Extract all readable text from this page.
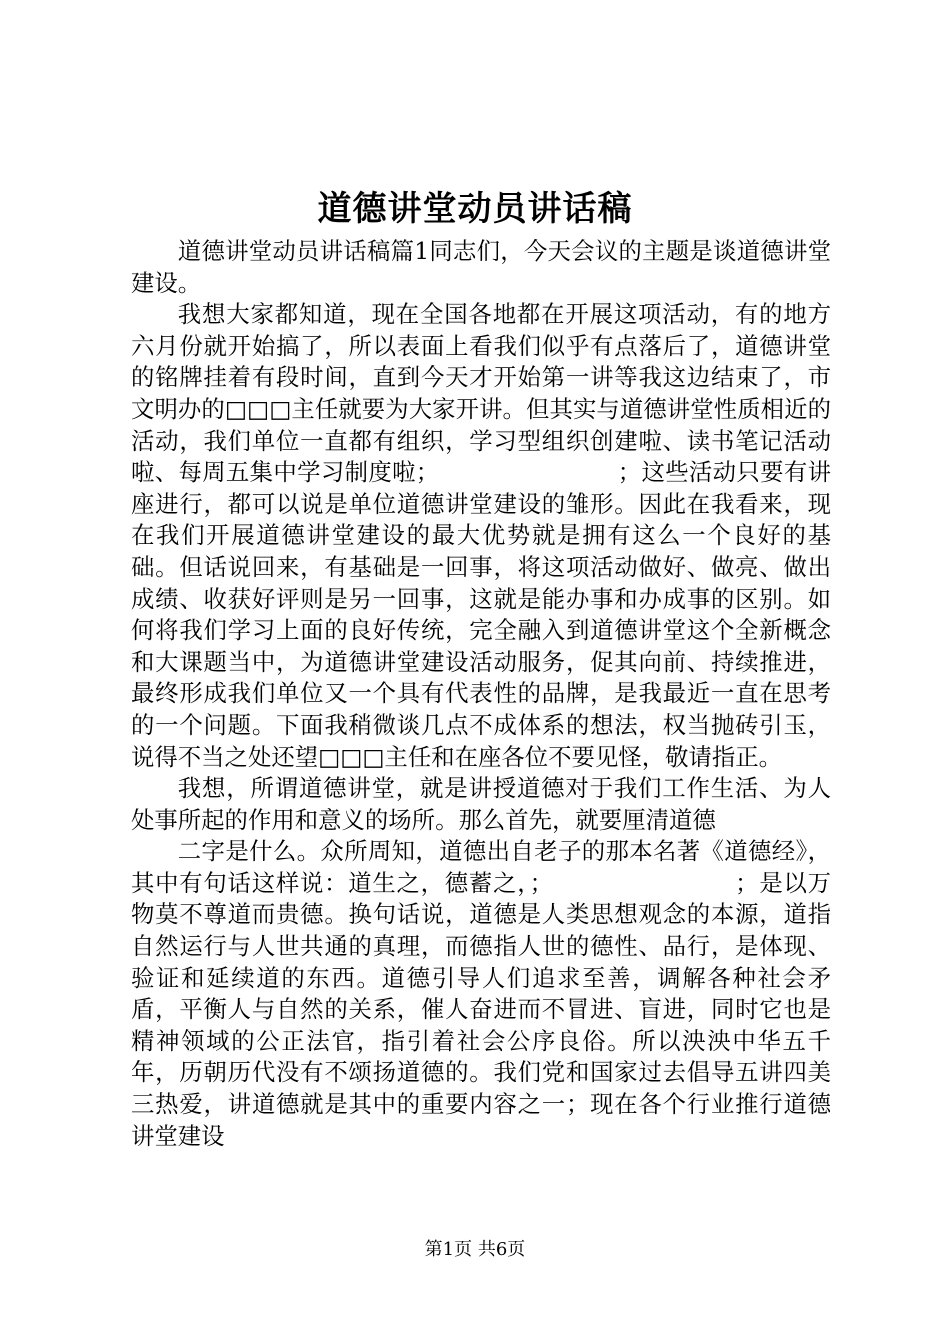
道德讲堂动员讲话稿

道德讲堂动员讲话稿篇1同志们，今天会议的主题是谈道德讲堂建设。

我想大家都知道，现在全国各地都在开展这项活动，有的地方六月份就开始搞了，所以表面上看我们似乎有点落后了，道德讲堂的铭牌挂着有段时间，直到今天才开始第一讲等我这边结束了，市文明办的□□□主任就要为大家开讲。但其实与道德讲堂性质相近的活动，我们单位一直都有组织，学习型组织创建啦、读书笔记活动啦、每周五集中学习制度啦；　　　　　　　　；这些活动只要有讲座进行，都可以说是单位道德讲堂建设的雏形。因此在我看来，现在我们开展道德讲堂建设的最大优势就是拥有这么一个良好的基础。但话说回来，有基础是一回事，将这项活动做好、做亮、做出成绩、收获好评则是另一回事，这就是能办事和办成事的区别。如何将我们学习上面的良好传统，完全融入到道德讲堂这个全新概念和大课题当中，为道德讲堂建设活动服务，促其向前、持续推进，最终形成我们单位又一个具有代表性的品牌，是我最近一直在思考的一个问题。下面我稍微谈几点不成体系的想法，权当抛砖引玉，说得不当之处还望□□□主任和在座各位不要见怪，敬请指正。

我想，所谓道德讲堂，就是讲授道德对于我们工作生活、为人处事所起的作用和意义的场所。那么首先，就要厘清道德

二字是什么。众所周知，道德出自老子的那本名著《道德经》，其中有句话这样说：道生之，德蓄之，；　　　　　　　　；是以万物莫不尊道而贵德。换句话说，道德是人类思想观念的本源，道指自然运行与人世共通的真理，而德指人世的德性、品行，是体现、验证和延续道的东西。道德引导人们追求至善，调解各种社会矛盾，平衡人与自然的关系，催人奋进而不冒进、盲进，同时它也是精神领域的公正法官，指引着社会公序良俗。所以泱泱中华五千年，历朝历代没有不颂扬道德的。我们党和国家过去倡导五讲四美三热爱，讲道德就是其中的重要内容之一；现在各个行业推行道德讲堂建设

第1页 共6页
